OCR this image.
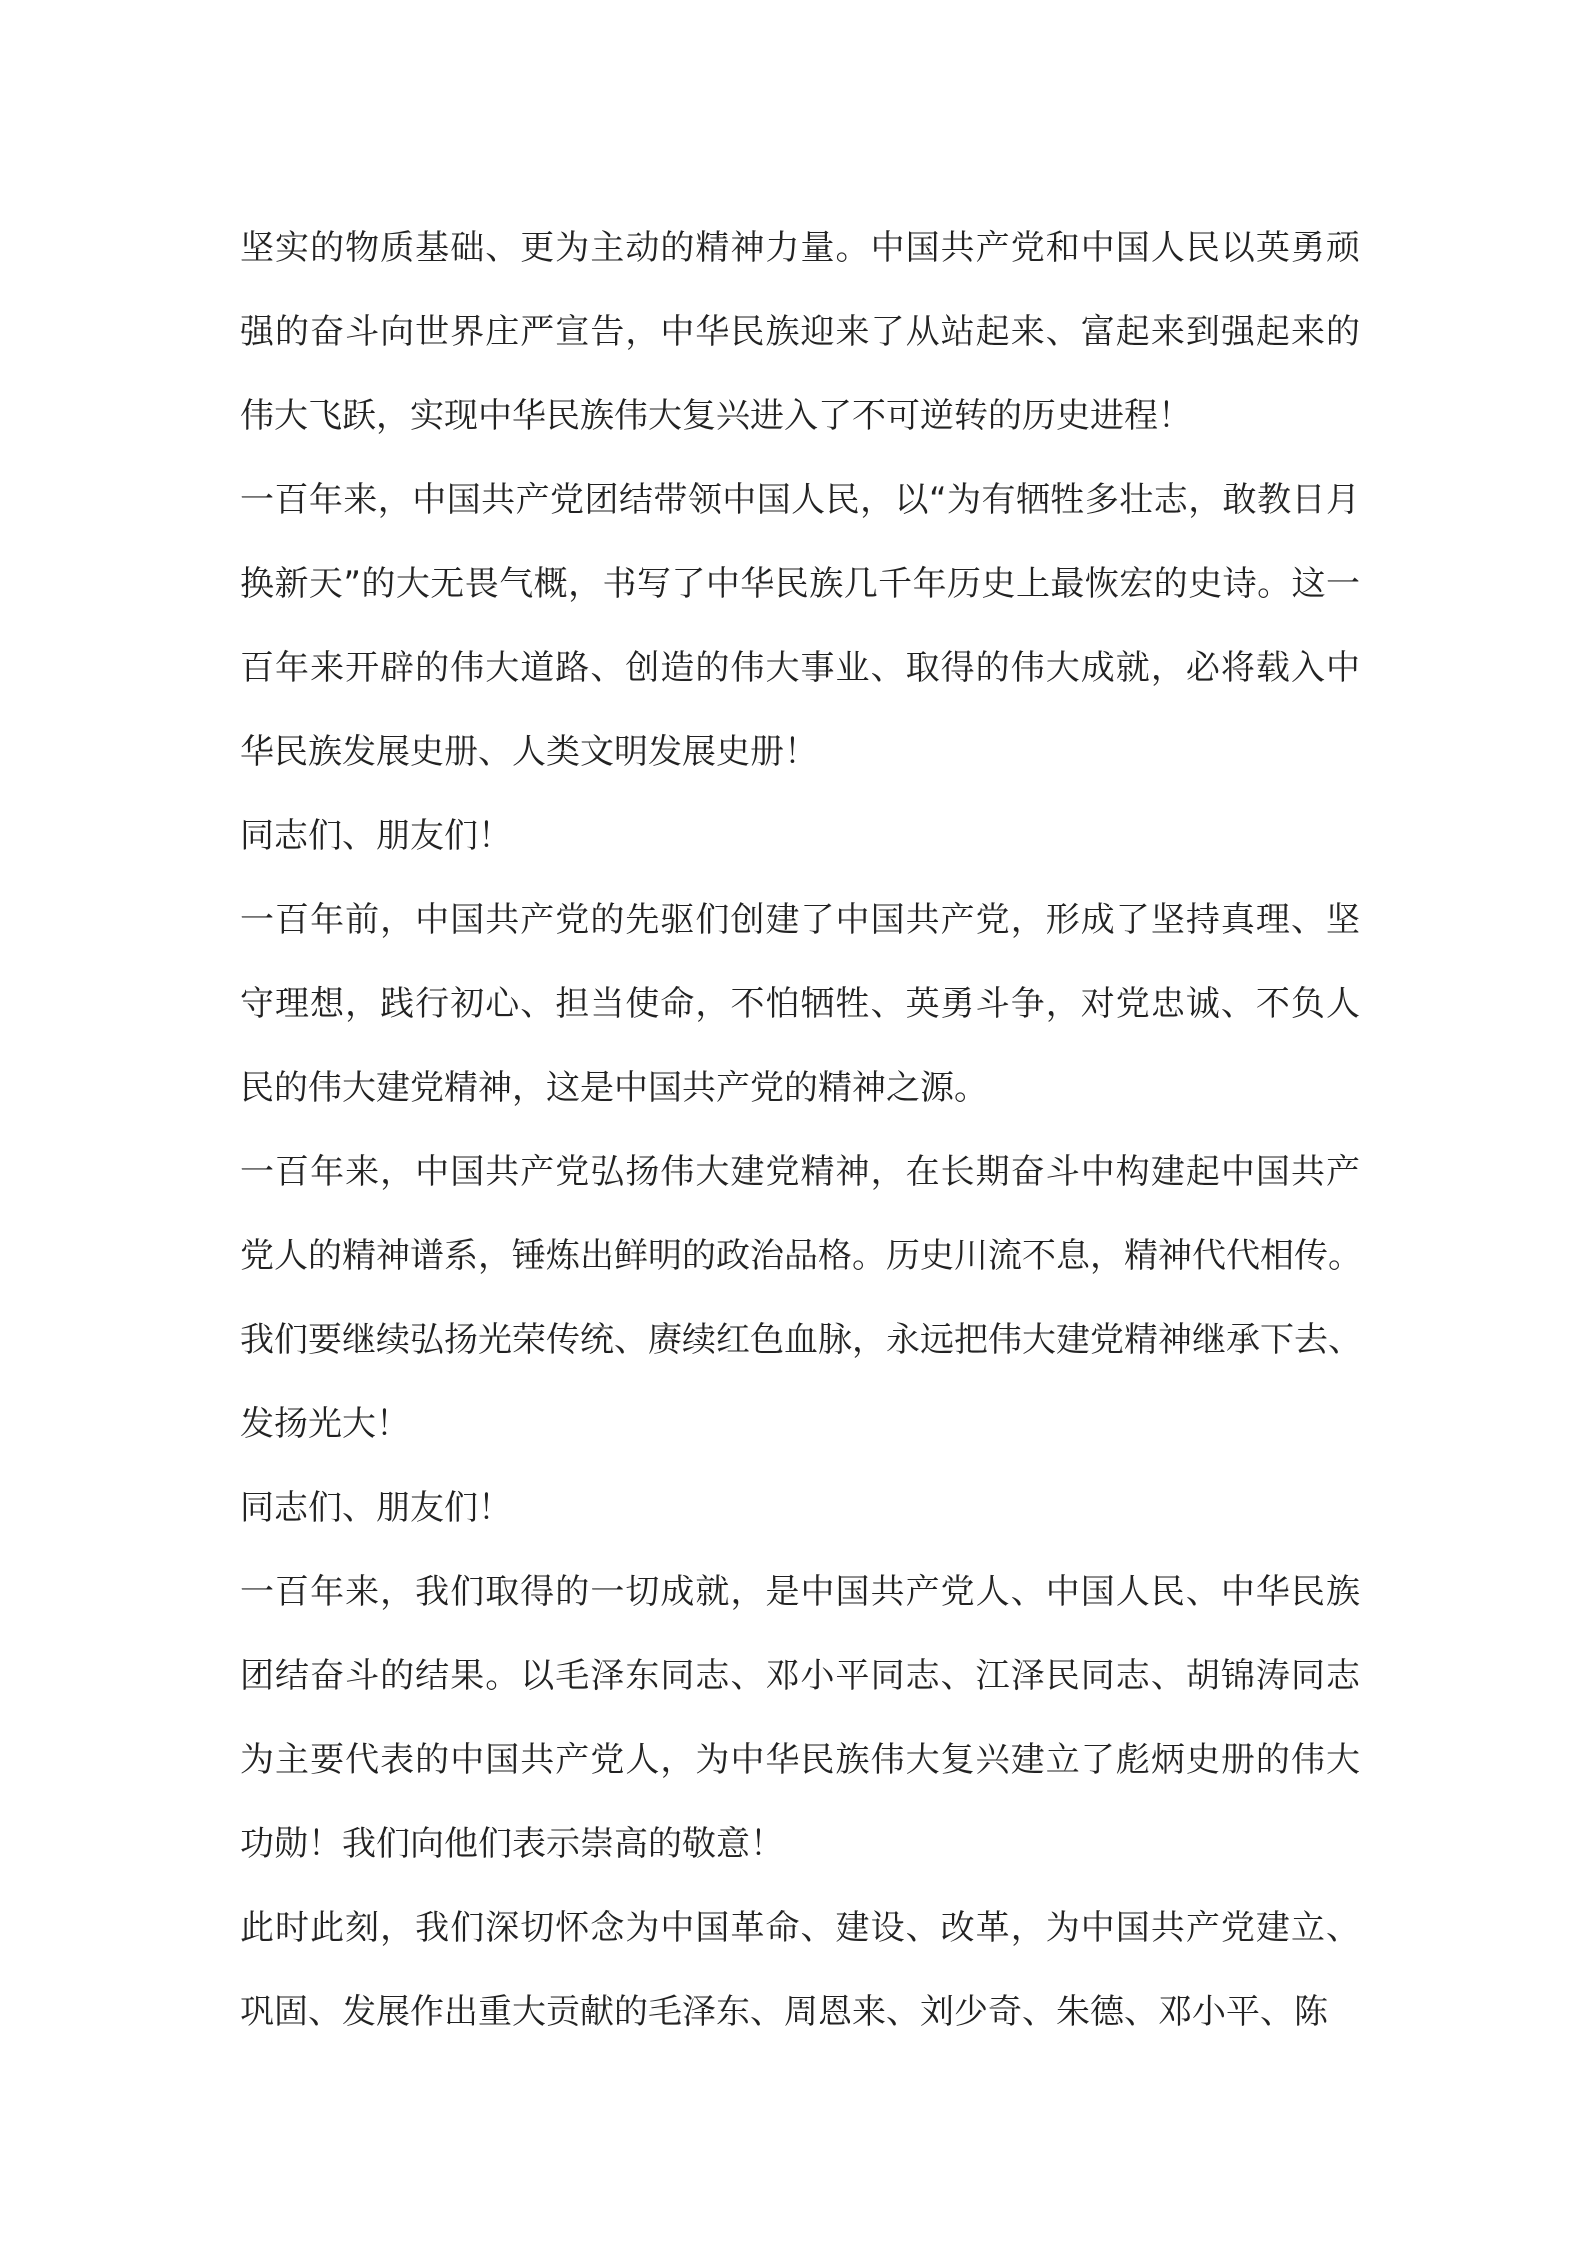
坚实的物质基础、更为主动的精神力量。中国共产党和中国人民以英勇顽
强的奋斗向世界庄严宣告，中华民族迎来了从站起来、富起来到强起来的
伟大飞跃，实现中华民族伟大复兴进入了不可逆转的历史进程！
一百年来，中国共产党团结带领中国人民，以“为有牺牲多壮志，敢教日月
换新天”的大无畏气概，书写了中华民族几千年历史上最恢宏的史诗。这一
百年来开辟的伟大道路、创造的伟大事业、取得的伟大成就，必将载入中
华民族发展史册、人类文明发展史册！
同志们、朋友们！
一百年前，中国共产党的先驱们创建了中国共产党，形成了坚持真理、坚
守理想，践行初心、担当使命，不怕牺牲、英勇斗争，对党忠诚、不负人
民的伟大建党精神，这是中国共产党的精神之源。
一百年来，中国共产党弘扬伟大建党精神，在长期奋斗中构建起中国共产
党人的精神谱系，锤炼出鲜明的政治品格。历史川流不息，精神代代相传。
我们要继续弘扬光荣传统、赓续红色血脉，永远把伟大建党精神继承下去、
发扬光大！
同志们、朋友们！
一百年来，我们取得的一切成就，是中国共产党人、中国人民、中华民族
团结奋斗的结果。以毛泽东同志、邓小平同志、江泽民同志、胡锦涛同志
为主要代表的中国共产党人，为中华民族伟大复兴建立了彪炳史册的伟大
功勋！我们向他们表示崇高的敬意！
此时此刻，我们深切怀念为中国革命、建设、改革，为中国共产党建立、
巩固、发展作出重大贡献的毛泽东、周恩来、刘少奇、朱德、邓小平、陈
